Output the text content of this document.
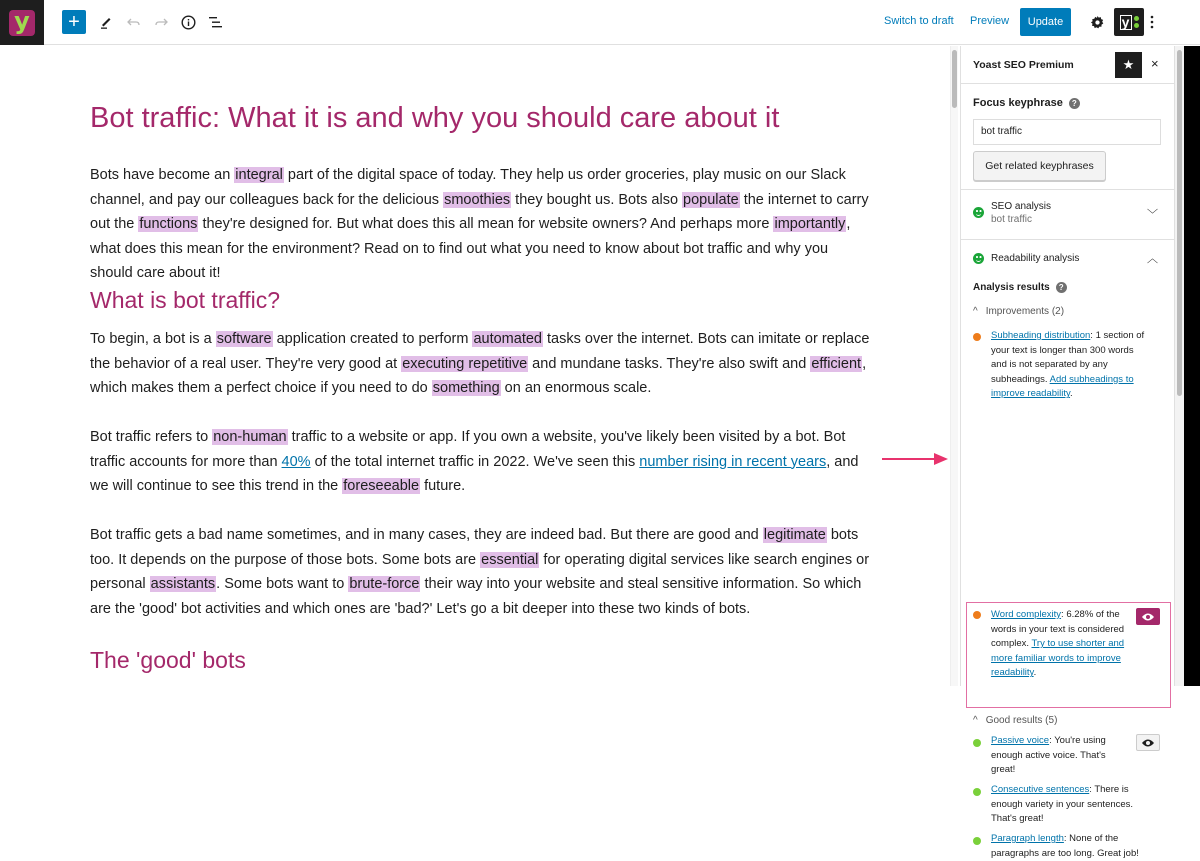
y +	Switch to draft Preview	Update	y
Bot traffic: What it is and why you should care about it

Bots have become an integral part of the digital space of today. They help us order groceries, play music on our Slack channel, and pay our colleagues back for the delicious smoothies they bought us. Bots also populate the internet to carry out the functions they're designed for. But what does this all mean for website owners? And perhaps more importantly, what does this mean for the environment? Read on to find out what you need to know about bot traffic and why you should care about it!

What is bot traffic?

To begin, a bot is a software application created to perform automated tasks over the internet. Bots can imitate or replace the behavior of a real user. They're very good at executing repetitive and mundane tasks. They're also swift and efficient, which makes them a perfect choice if you need to do something on an enormous scale.

Bot traffic refers to non-human traffic to a website or app. If you own a website, you've likely been visited by a bot. Bot traffic accounts for more than 40% of the total internet traffic in 2022. We've seen this number rising in recent years, and we will continue to see this trend in the foreseeable future.

Bot traffic gets a bad name sometimes, and in many cases, they are indeed bad. But there are good and legitimate bots too. It depends on the purpose of those bots. Some bots are essential for operating digital services like search engines or personal assistants. Some bots want to brute-force their way into your website and steal sensitive information. So which are the 'good' bot activities and which ones are 'bad?' Let's go a bit deeper into these two kinds of bots.

The 'good' bots
Yoast SEO Premium	★ ×
Focus keyphrase ?
bot traffic
Get related keyphrases
SEO analysis
bot traffic	﹀
Readability analysis	︿
Analysis results ?
^ Improvements (2)
Subheading distribution: 1 section of your text is longer than 300 words and is not separated by any subheadings. Add subheadings to improve readability.
Word complexity: 6.28% of the words in your text is considered complex. Try to use shorter and more familiar words to improve readability.
^ Good results (5)
Passive voice: You're using enough active voice. That's great!
Consecutive sentences: There is enough variety in your sentences. That's great!
Paragraph length: None of the paragraphs are too long. Great job!
